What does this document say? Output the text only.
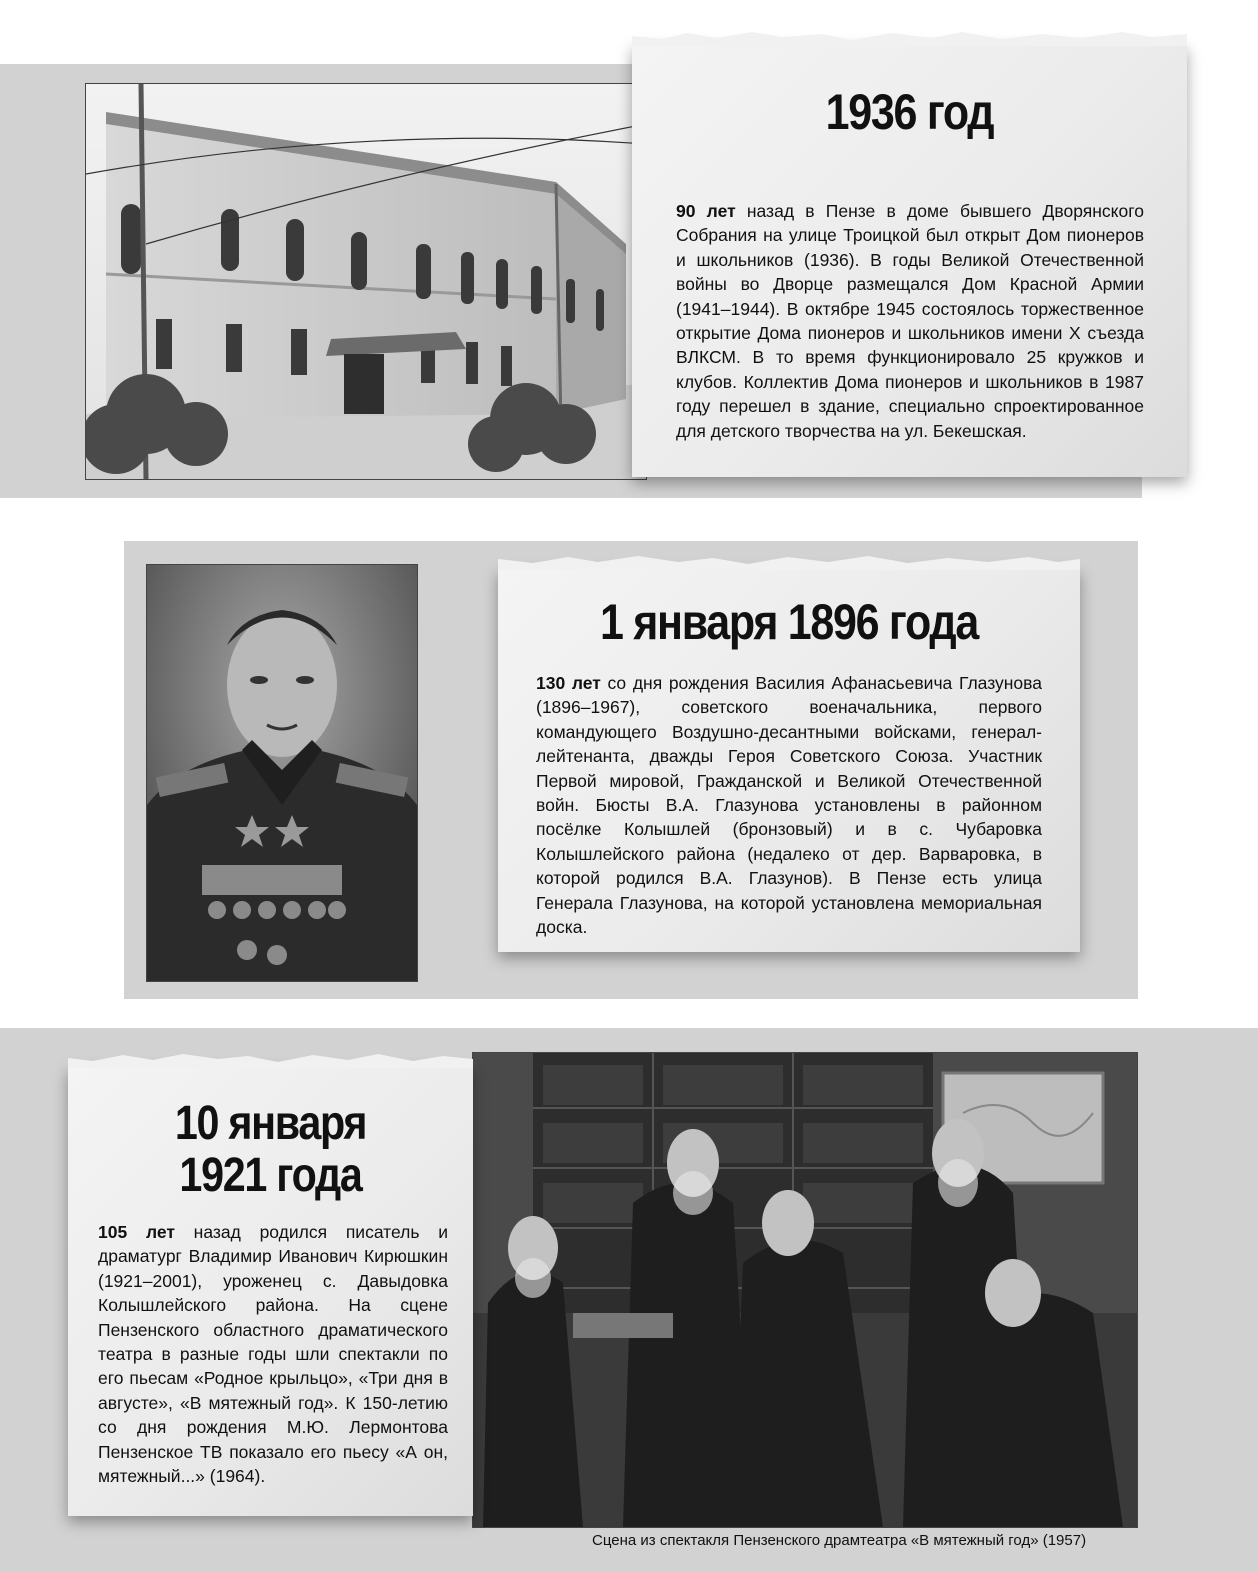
1936 год

90 лет назад в Пензе в доме бывшего Дворянского Собрания на улице Троицкой был открыт Дом пионеров и школьников (1936). В годы Великой Отечественной войны во Дворце размещался Дом Красной Армии (1941–1944). В октябре 1945 состоялось торжественное открытие Дома пионеров и школьников имени Х съезда ВЛКСМ. В то время функционировало 25 кружков и клубов. Коллектив Дома пионеров и школьников в 1987 году перешел в здание, специально спроектированное для детского творчества на ул. Бекешская.

1 января 1896 года

130 лет со дня рождения Василия Афанасьевича Глазунова (1896–1967), советского военачальника, первого командующего Воздушно-десантными войсками, генерал-лейтенанта, дважды Героя Советского Союза. Участник Первой мировой, Гражданской и Великой Отечественной войн. Бюсты В.А. Глазунова установлены в районном посёлке Колышлей (бронзовый) и в с. Чубаровка Колышлейского района (недалеко от дер. Варваровка, в которой родился В.А. Глазунов). В Пензе есть улица Генерала Глазунова, на которой установлена мемориальная доска.

10 января
1921 года

105 лет назад родился писатель и драматург Владимир Иванович Кирюшкин (1921–2001), уроженец с. Давыдовка Колышлейского района. На сцене Пензенского областного драматического театра в разные годы шли спектакли по его пьесам «Родное крыльцо», «Три дня в августе», «В мятежный год». К 150-летию со дня рождения М.Ю. Лермонтова Пензенское ТВ показало его пьесу «А он, мятежный...» (1964).

Сцена из спектакля Пензенского драмтеатра «В мятежный год» (1957)
